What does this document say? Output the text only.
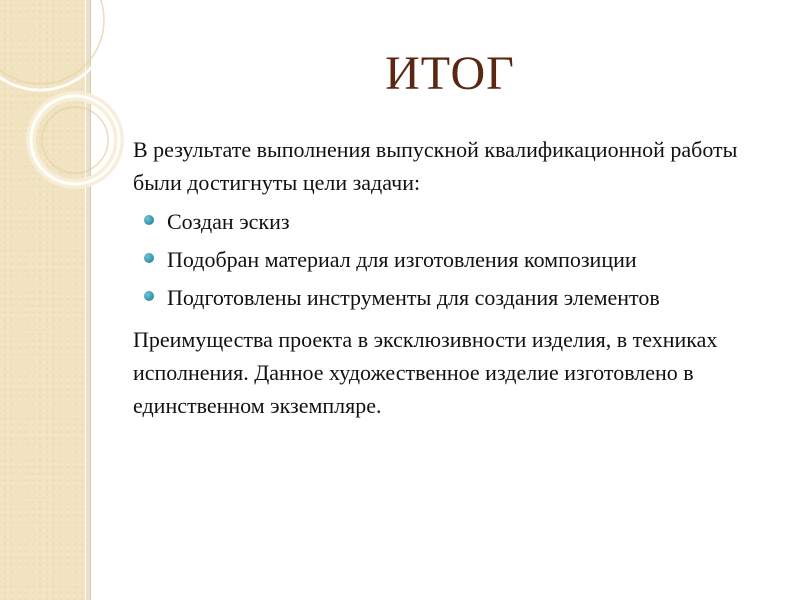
ИТОГ

В результате выполнения выпускной квалификационной работы были достигнуты цели задачи:

Создан эскиз
Подобран материал для изготовления композиции
Подготовлены инструменты для создания элементов

Преимущества проекта в эксклюзивности изделия, в техниках исполнения. Данное художественное изделие изготовлено в единственном экземпляре.
